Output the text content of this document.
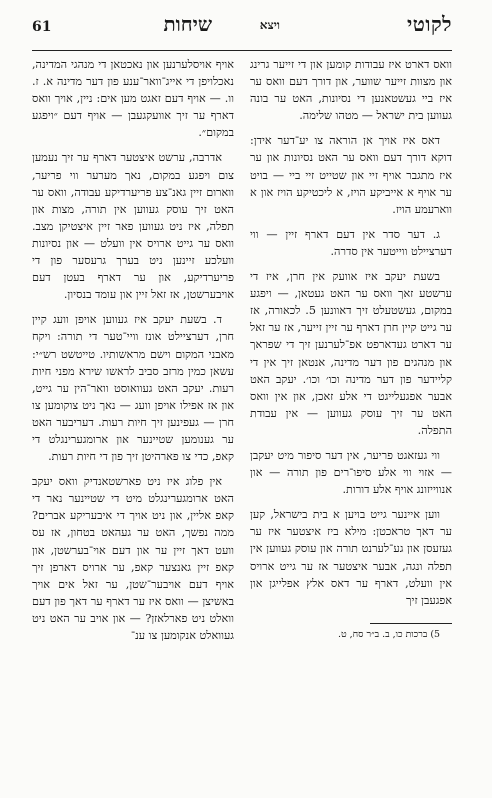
לקוטי
ויצא
שיחות
61

וואס דארט איז עבודות קומען און די זייער גרינג און מצוות זייער שווער, און דורך דעם וואס ער איז ביי געשטאנען די נסיונות, האט ער בונה געווען בית ישראל — מטהו שלימה.

דאס איז אויך אן הוראה צו יע־דער אידן: דוקא דורך דעם וואס ער האט נסיונות און ער איז מתגבר אויף זיי און שטייט זיי ביי — בויט ער אויף א אייביקע הויז, א ליכטיקע הויז און א ווארעמע הויז.

ג. דער סדר אין דעם דארף זיין — ווי דערציילט ווייטער אין סדרה.

בשעת יעקב איז אוועק אין חרן, איז די ערשטע זאך וואס ער האט געטאן, — ויפגע במקום, געשטעלט זיך דאוונען 5. לכאורה, אז ער גייט קיין חרן דארף ער זיין זייער, אז ער זאל ער דארט געדארפט אפ־לערנען זיך די שפראך און מנהגים פון דער מדינה, אנטאן זיך אין די קליידער פון דער מדינה וכו׳ וכו׳. יעקב האט אבער אפגעלייגט די אלע זאכן, און אין וואס האט ער זיך עוסק געווען — אין עבודת התפלה.

ווי געזאגט פריער, אין דער סיפור מיט יעקבן — אזוי ווי אלע סיפו־רים פון תורה — און אנווייזונג אויף אלע דורות.

ווען איינער גייט בויען א בית בישראל, קען ער דאך טראכטן: מילא ביז איצטער איז ער געזעסן און גע־לערנט תורה און עוסק געווען אין תפלה ונגה, אבער איצטער אז ער גייט ארויס אין וועלט, דארף ער דאס אלץ אפלייגן און אפגעבן זיך

5) ברכות כו, ב. ב״ר סח, ט.

אויף אויסלערנען און נאכטאן די מנהגי המדינה, נאכלויפן די אייג־וואר־ענע פון דער מדינה א. ז. וו. — אויף דעם זאגט מען אים: ניין, אויך וואס דארף ער זיך אוועקגעבן — אויף דעם ״ויפגע במקום״.

אדרבה, ערשט איצטער דארף ער זיך נעמען צום ויפגע במקום, נאך מערער ווי פריער, ווארום זיין גאנ־צע פריערדיקע עבודה, וואס ער האט זיך עוסק געווען אין תורה, מצות און תפלה, איז ניט געווען פאר זיין איצטיקן מצב. וואס ער גייט ארויס אין וועלט — און נסיונות וועלכע זיינען ניט בערך גרעסער פון די פריערדיקע, און ער דארף בעטן דעם אויבערשטן, אז זאל זיין און עומד בנסיון.

ד. בשעת יעקב איז געווען אויפן וועג קיין חרן, דערציילט אונז וויי־טער די תורה: ויקח מאבני המקום וישם מראשותיו. טייטשט רש״י: עשאן כמין מרזב סביב לראשו שירא מפני חיות רעות. יעקב האט געוואוסט וואר־הין ער גייט, און אז אפילו אויפן וועג — נאך ניט צוקומען צו חרן — געפינען זיך חיות רעות. דעריבער האט ער גענומען שטיינער און ארומגערינגלט די קאפ, כדי צו פארהיטן זיך פון די חיות רעות.

אין פלוג איז ניט פארשטאנדיק וואס יעקב האט ארומגערינגלט מיט די שטיינער נאר די קאפ אליין, און ניט אויך די איבעריקע אברים? ממה נפשך, האט ער געהאט בטחון, אז עס וועט דאך זיין ער און דעם אוי־בערשטן, און קאפ זיין גאנצער קאפ, ער ארויס דארפן זיך אויף דעם אויבער־שטן, ער זאל אים אויך באשיצן — וואס איז ער דארף ער דאך פון דעם וואלט ניט פארלאזן? — און אויב ער האט ניט געוואלט אנקומען צו ענ־
